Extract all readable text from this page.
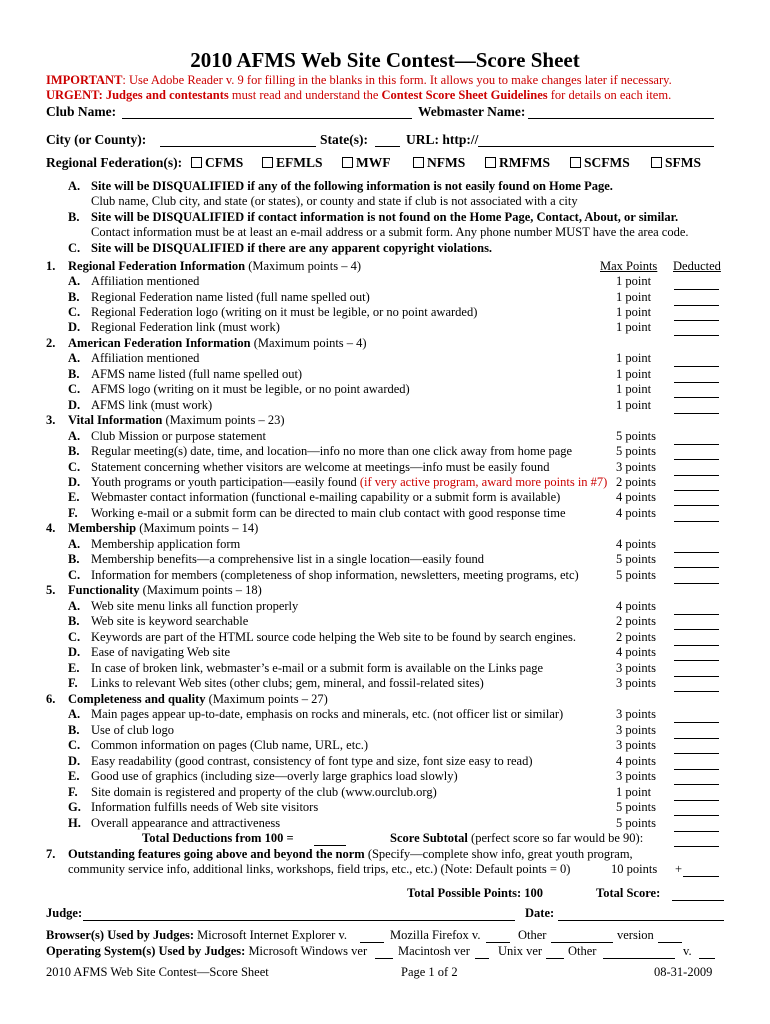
2010 AFMS Web Site Contest—Score Sheet
IMPORTANT: Use Adobe Reader v. 9 for filling in the blanks in this form. It allows you to make changes later if necessary.
URGENT: Judges and contestants must read and understand the Contest Score Sheet Guidelines for details on each item.
Club Name:	Webmaster Name:
City (or County):	State(s):	URL: http://
Regional Federation(s):	CFMS	EFMLS	MWF	NFMS	RMFMS	SCFMS	SFMS
A. Site will be DISQUALIFIED if any of the following information is not easily found on Home Page.
Club name, Club city, and state (or states), or county and state if club is not associated with a city
B. Site will be DISQUALIFIED if contact information is not found on the Home Page, Contact, About, or similar.
Contact information must be at least an e-mail address or a submit form. Any phone number MUST have the area code.
C. Site will be DISQUALIFIED if there are any apparent copyright violations.
Max Points Deducted
1. Regional Federation Information (Maximum points – 4)
A. Affiliation mentioned	1 point
B. Regional Federation name listed (full name spelled out)	1 point
C. Regional Federation logo (writing on it must be legible, or no point awarded)	1 point
D. Regional Federation link (must work)	1 point
2. American Federation Information (Maximum points – 4)
A. Affiliation mentioned	1 point
B. AFMS name listed (full name spelled out)	1 point
C. AFMS logo (writing on it must be legible, or no point awarded)	1 point
D. AFMS link (must work)	1 point
3. Vital Information (Maximum points – 23)
A. Club Mission or purpose statement	5 points
B. Regular meeting(s) date, time, and location—info no more than one click away from home page	5 points
C. Statement concerning whether visitors are welcome at meetings—info must be easily found	3 points
D. Youth programs or youth participation—easily found (if very active program, award more points in #7) 2 points
E. Webmaster contact information (functional e-mailing capability or a submit form is available)	4 points
F. Working e-mail or a submit form can be directed to main club contact with good response time	4 points
4. Membership (Maximum points – 14)
A. Membership application form	4 points
B. Membership benefits—a comprehensive list in a single location—easily found	5 points
C. Information for members (completeness of shop information, newsletters, meeting programs, etc)	5 points
5. Functionality (Maximum points – 18)
A. Web site menu links all function properly	4 points
B. Web site is keyword searchable	2 points
C. Keywords are part of the HTML source code helping the Web site to be found by search engines.	2 points
D. Ease of navigating Web site	4 points
E. In case of broken link, webmaster’s e-mail or a submit form is available on the Links page	3 points
F. Links to relevant Web sites (other clubs; gem, mineral, and fossil-related sites)	3 points
6. Completeness and quality (Maximum points – 27)
A. Main pages appear up-to-date, emphasis on rocks and minerals, etc. (not officer list or similar)	3 points
B. Use of club logo	3 points
C. Common information on pages (Club name, URL, etc.)	3 points
D. Easy readability (good contrast, consistency of font type and size, font size easy to read)	4 points
E. Good use of graphics (including size—overly large graphics load slowly)	3 points
F. Site domain is registered and property of the club (www.ourclub.org)	1 point
G. Information fulfills needs of Web site visitors	5 points
H. Overall appearance and attractiveness	5 points
Total Deductions from 100 =	Score Subtotal (perfect score so far would be 90):
7. Outstanding features going above and beyond the norm (Specify—complete show info, great youth program,
community service info, additional links, workshops, field trips, etc., etc.) (Note: Default points = 0)	10 points +
Total Possible Points: 100	Total Score:
Judge:	Date:
Browser(s) Used by Judges: Microsoft Internet Explorer v.	Mozilla Firefox v.	Other	version
Operating System(s) Used by Judges: Microsoft Windows ver Macintosh ver Unix ver Other	v.
2010 AFMS Web Site Contest—Score Sheet	Page 1 of 2	08-31-2009
